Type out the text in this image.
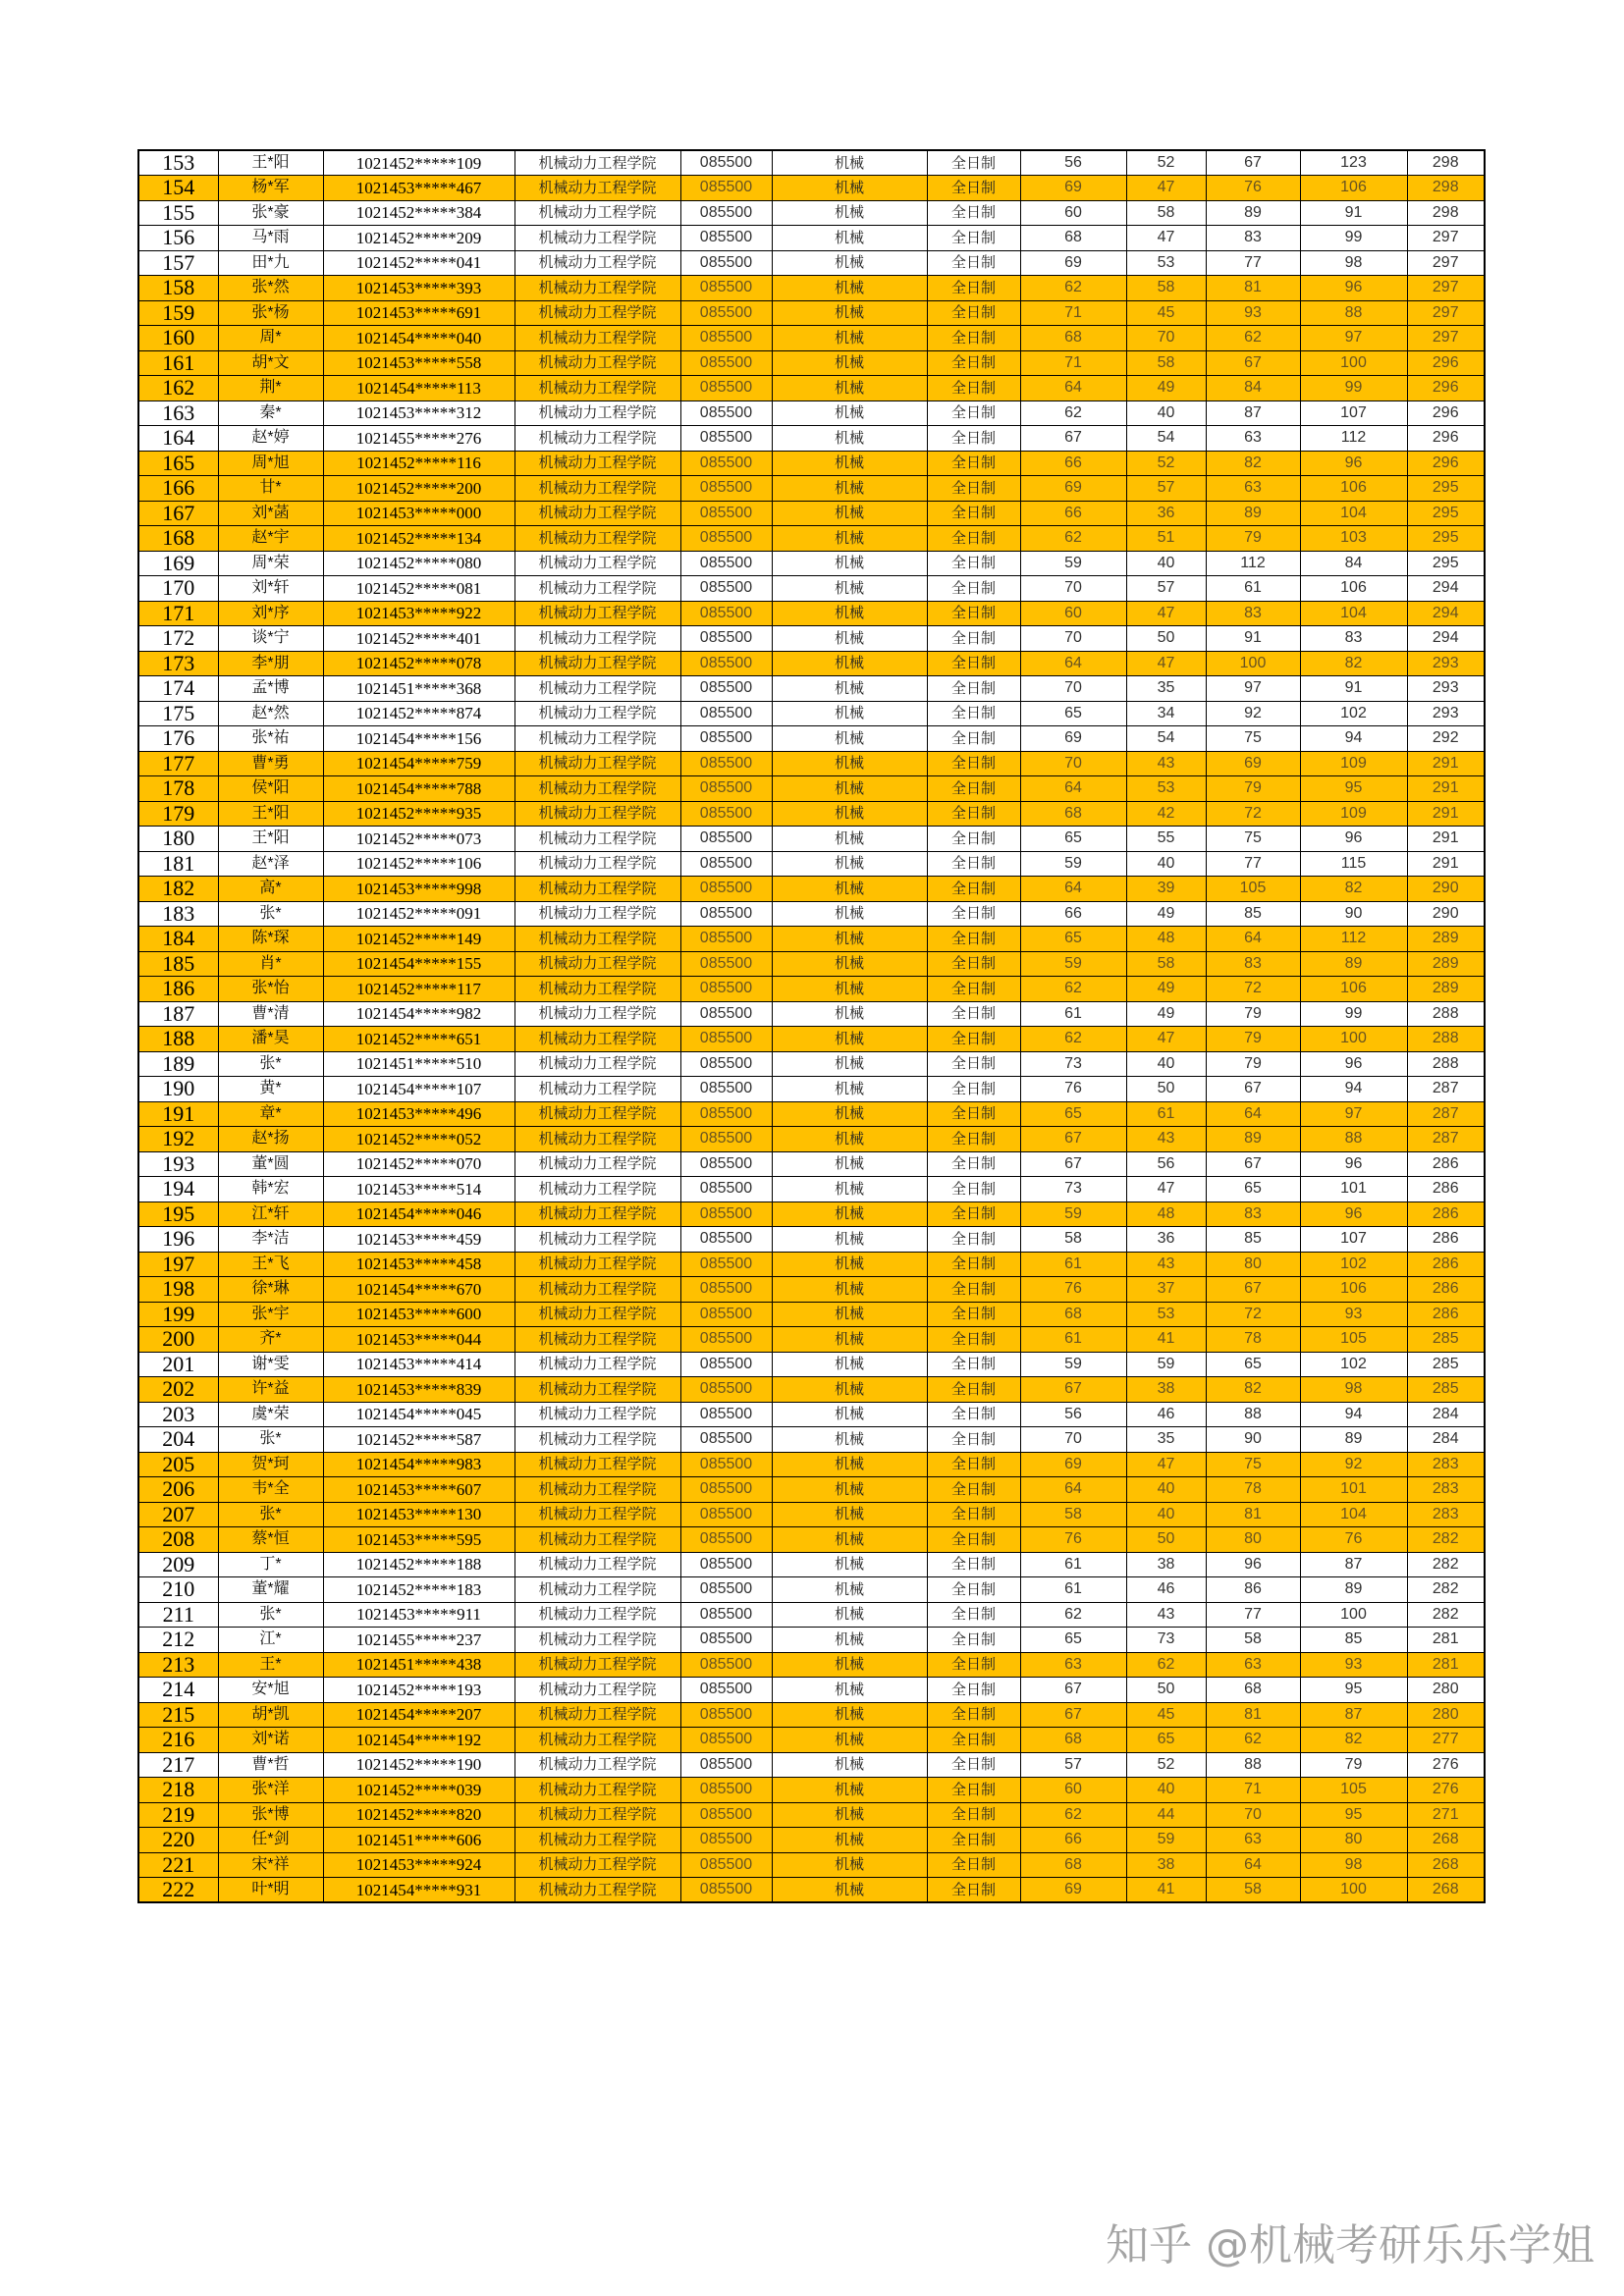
153	王*阳	1021452*****109	机械动力工程学院	085500	机械	全日制	56	52	67	123	298
154	杨*军	1021453*****467	机械动力工程学院	085500	机械	全日制	69	47	76	106	298
155	张*豪	1021452*****384	机械动力工程学院	085500	机械	全日制	60	58	89	91	298
156	马*雨	1021452*****209	机械动力工程学院	085500	机械	全日制	68	47	83	99	297
157	田*九	1021452*****041	机械动力工程学院	085500	机械	全日制	69	53	77	98	297
158	张*然	1021453*****393	机械动力工程学院	085500	机械	全日制	62	58	81	96	297
159	张*杨	1021453*****691	机械动力工程学院	085500	机械	全日制	71	45	93	88	297
160	周*	1021454*****040	机械动力工程学院	085500	机械	全日制	68	70	62	97	297
161	胡*文	1021453*****558	机械动力工程学院	085500	机械	全日制	71	58	67	100	296
162	荆*	1021454*****113	机械动力工程学院	085500	机械	全日制	64	49	84	99	296
163	秦*	1021453*****312	机械动力工程学院	085500	机械	全日制	62	40	87	107	296
164	赵*婷	1021455*****276	机械动力工程学院	085500	机械	全日制	67	54	63	112	296
165	周*旭	1021452*****116	机械动力工程学院	085500	机械	全日制	66	52	82	96	296
166	甘*	1021452*****200	机械动力工程学院	085500	机械	全日制	69	57	63	106	295
167	刘*菡	1021453*****000	机械动力工程学院	085500	机械	全日制	66	36	89	104	295
168	赵*宇	1021452*****134	机械动力工程学院	085500	机械	全日制	62	51	79	103	295
169	周*荣	1021452*****080	机械动力工程学院	085500	机械	全日制	59	40	112	84	295
170	刘*轩	1021452*****081	机械动力工程学院	085500	机械	全日制	70	57	61	106	294
171	刘*序	1021453*****922	机械动力工程学院	085500	机械	全日制	60	47	83	104	294
172	谈*宁	1021452*****401	机械动力工程学院	085500	机械	全日制	70	50	91	83	294
173	李*朋	1021452*****078	机械动力工程学院	085500	机械	全日制	64	47	100	82	293
174	孟*博	1021451*****368	机械动力工程学院	085500	机械	全日制	70	35	97	91	293
175	赵*然	1021452*****874	机械动力工程学院	085500	机械	全日制	65	34	92	102	293
176	张*祐	1021454*****156	机械动力工程学院	085500	机械	全日制	69	54	75	94	292
177	曹*勇	1021454*****759	机械动力工程学院	085500	机械	全日制	70	43	69	109	291
178	侯*阳	1021454*****788	机械动力工程学院	085500	机械	全日制	64	53	79	95	291
179	王*阳	1021452*****935	机械动力工程学院	085500	机械	全日制	68	42	72	109	291
180	王*阳	1021452*****073	机械动力工程学院	085500	机械	全日制	65	55	75	96	291
181	赵*泽	1021452*****106	机械动力工程学院	085500	机械	全日制	59	40	77	115	291
182	高*	1021453*****998	机械动力工程学院	085500	机械	全日制	64	39	105	82	290
183	张*	1021452*****091	机械动力工程学院	085500	机械	全日制	66	49	85	90	290
184	陈*琛	1021452*****149	机械动力工程学院	085500	机械	全日制	65	48	64	112	289
185	肖*	1021454*****155	机械动力工程学院	085500	机械	全日制	59	58	83	89	289
186	张*怡	1021452*****117	机械动力工程学院	085500	机械	全日制	62	49	72	106	289
187	曹*清	1021454*****982	机械动力工程学院	085500	机械	全日制	61	49	79	99	288
188	潘*昊	1021452*****651	机械动力工程学院	085500	机械	全日制	62	47	79	100	288
189	张*	1021451*****510	机械动力工程学院	085500	机械	全日制	73	40	79	96	288
190	黄*	1021454*****107	机械动力工程学院	085500	机械	全日制	76	50	67	94	287
191	章*	1021453*****496	机械动力工程学院	085500	机械	全日制	65	61	64	97	287
192	赵*扬	1021452*****052	机械动力工程学院	085500	机械	全日制	67	43	89	88	287
193	董*圆	1021452*****070	机械动力工程学院	085500	机械	全日制	67	56	67	96	286
194	韩*宏	1021453*****514	机械动力工程学院	085500	机械	全日制	73	47	65	101	286
195	江*轩	1021454*****046	机械动力工程学院	085500	机械	全日制	59	48	83	96	286
196	李*洁	1021453*****459	机械动力工程学院	085500	机械	全日制	58	36	85	107	286
197	王*飞	1021453*****458	机械动力工程学院	085500	机械	全日制	61	43	80	102	286
198	徐*琳	1021454*****670	机械动力工程学院	085500	机械	全日制	76	37	67	106	286
199	张*宇	1021453*****600	机械动力工程学院	085500	机械	全日制	68	53	72	93	286
200	齐*	1021453*****044	机械动力工程学院	085500	机械	全日制	61	41	78	105	285
201	谢*雯	1021453*****414	机械动力工程学院	085500	机械	全日制	59	59	65	102	285
202	许*益	1021453*****839	机械动力工程学院	085500	机械	全日制	67	38	82	98	285
203	虞*荣	1021454*****045	机械动力工程学院	085500	机械	全日制	56	46	88	94	284
204	张*	1021452*****587	机械动力工程学院	085500	机械	全日制	70	35	90	89	284
205	贺*珂	1021454*****983	机械动力工程学院	085500	机械	全日制	69	47	75	92	283
206	韦*全	1021453*****607	机械动力工程学院	085500	机械	全日制	64	40	78	101	283
207	张*	1021453*****130	机械动力工程学院	085500	机械	全日制	58	40	81	104	283
208	蔡*恒	1021453*****595	机械动力工程学院	085500	机械	全日制	76	50	80	76	282
209	丁*	1021452*****188	机械动力工程学院	085500	机械	全日制	61	38	96	87	282
210	董*耀	1021452*****183	机械动力工程学院	085500	机械	全日制	61	46	86	89	282
211	张*	1021453*****911	机械动力工程学院	085500	机械	全日制	62	43	77	100	282
212	江*	1021455*****237	机械动力工程学院	085500	机械	全日制	65	73	58	85	281
213	王*	1021451*****438	机械动力工程学院	085500	机械	全日制	63	62	63	93	281
214	安*旭	1021452*****193	机械动力工程学院	085500	机械	全日制	67	50	68	95	280
215	胡*凯	1021454*****207	机械动力工程学院	085500	机械	全日制	67	45	81	87	280
216	刘*诺	1021454*****192	机械动力工程学院	085500	机械	全日制	68	65	62	82	277
217	曹*哲	1021452*****190	机械动力工程学院	085500	机械	全日制	57	52	88	79	276
218	张*洋	1021452*****039	机械动力工程学院	085500	机械	全日制	60	40	71	105	276
219	张*博	1021452*****820	机械动力工程学院	085500	机械	全日制	62	44	70	95	271
220	任*剑	1021451*****606	机械动力工程学院	085500	机械	全日制	66	59	63	80	268
221	宋*祥	1021453*****924	机械动力工程学院	085500	机械	全日制	68	38	64	98	268
222	叶*明	1021454*****931	机械动力工程学院	085500	机械	全日制	69	41	58	100	268
知乎 @机械考研乐乐学姐
